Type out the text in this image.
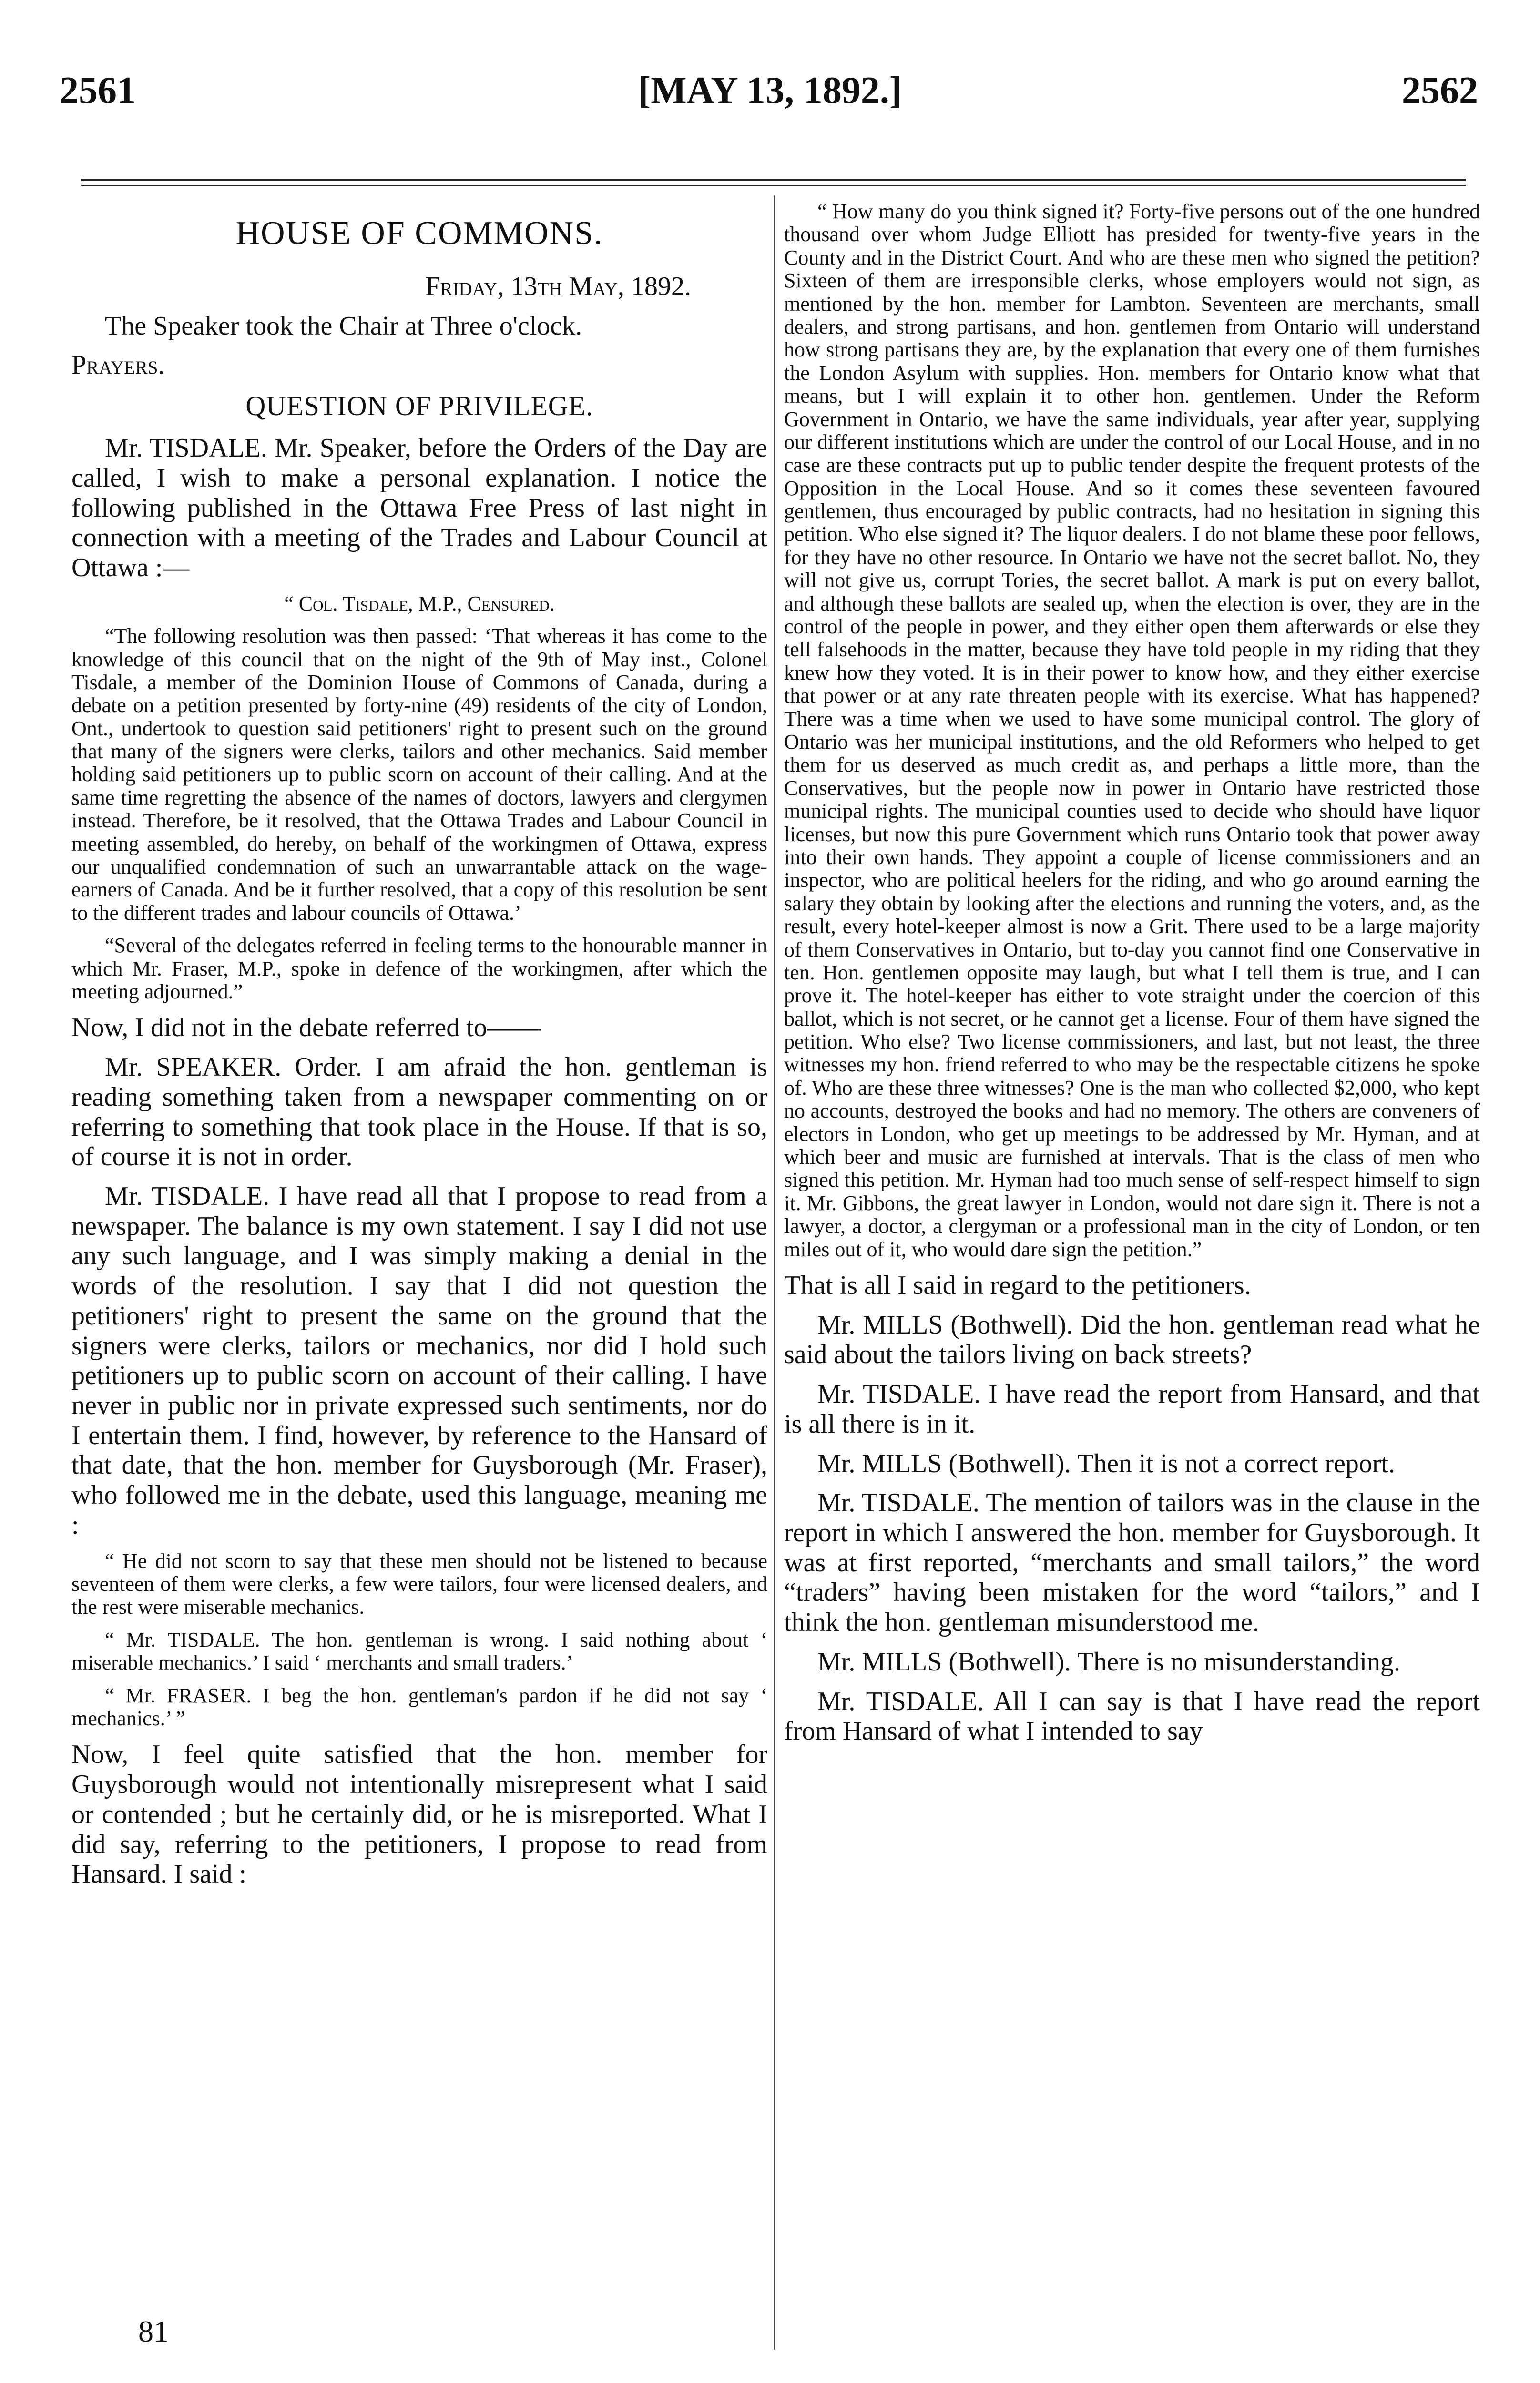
2561	[MAY 13, 1892.]	2562
HOUSE OF COMMONS.

Friday, 13th May, 1892.

The Speaker took the Chair at Three o'clock.

Prayers.

QUESTION OF PRIVILEGE.

Mr. TISDALE. Mr. Speaker, before the Orders of the Day are called, I wish to make a personal explanation. I notice the following published in the Ottawa Free Press of last night in connection with a meeting of the Trades and Labour Council at Ottawa :—

“ Col. Tisdale, M.P., Censured.

“The following resolution was then passed: ‘That whereas it has come to the knowledge of this council that on the night of the 9th of May inst., Colonel Tisdale, a member of the Dominion House of Commons of Canada, during a debate on a petition presented by forty-nine (49) residents of the city of London, Ont., undertook to question said petitioners' right to present such on the ground that many of the signers were clerks, tailors and other mechanics. Said member holding said petitioners up to public scorn on account of their calling. And at the same time regretting the absence of the names of doctors, lawyers and clergymen instead. Therefore, be it resolved, that the Ottawa Trades and Labour Council in meeting assembled, do hereby, on behalf of the workingmen of Ottawa, express our unqualified condemnation of such an unwarrantable attack on the wage-earners of Canada. And be it further resolved, that a copy of this resolution be sent to the different trades and labour councils of Ottawa.’

“Several of the delegates referred in feeling terms to the honourable manner in which Mr. Fraser, M.P., spoke in defence of the workingmen, after which the meeting adjourned.”

Now, I did not in the debate referred to——

Mr. SPEAKER. Order. I am afraid the hon. gentleman is reading something taken from a newspaper commenting on or referring to something that took place in the House. If that is so, of course it is not in order.

Mr. TISDALE. I have read all that I propose to read from a newspaper. The balance is my own statement. I say I did not use any such language, and I was simply making a denial in the words of the resolution. I say that I did not question the petitioners' right to present the same on the ground that the signers were clerks, tailors or mechanics, nor did I hold such petitioners up to public scorn on account of their calling. I have never in public nor in private expressed such sentiments, nor do I entertain them. I find, however, by reference to the Hansard of that date, that the hon. member for Guysborough (Mr. Fraser), who followed me in the debate, used this language, meaning me :

“ He did not scorn to say that these men should not be listened to because seventeen of them were clerks, a few were tailors, four were licensed dealers, and the rest were miserable mechanics.

“ Mr. TISDALE. The hon. gentleman is wrong. I said nothing about ‘ miserable mechanics.’ I said ‘ merchants and small traders.’

“ Mr. FRASER. I beg the hon. gentleman's pardon if he did not say ‘ mechanics.’ ”

Now, I feel quite satisfied that the hon. member for Guysborough would not intentionally misrepresent what I said or contended ; but he certainly did, or he is misreported. What I did say, referring to the petitioners, I propose to read from Hansard. I said :

“ How many do you think signed it? Forty-five persons out of the one hundred thousand over whom Judge Elliott has presided for twenty-five years in the County and in the District Court. And who are these men who signed the petition? Sixteen of them are irresponsible clerks, whose employers would not sign, as mentioned by the hon. member for Lambton. Seventeen are merchants, small dealers, and strong partisans, and hon. gentlemen from Ontario will understand how strong partisans they are, by the explanation that every one of them furnishes the London Asylum with supplies. Hon. members for Ontario know what that means, but I will explain it to other hon. gentlemen. Under the Reform Government in Ontario, we have the same individuals, year after year, supplying our different institutions which are under the control of our Local House, and in no case are these contracts put up to public tender despite the frequent protests of the Opposition in the Local House. And so it comes these seventeen favoured gentlemen, thus encouraged by public contracts, had no hesitation in signing this petition. Who else signed it? The liquor dealers. I do not blame these poor fellows, for they have no other resource. In Ontario we have not the secret ballot. No, they will not give us, corrupt Tories, the secret ballot. A mark is put on every ballot, and although these ballots are sealed up, when the election is over, they are in the control of the people in power, and they either open them afterwards or else they tell falsehoods in the matter, because they have told people in my riding that they knew how they voted. It is in their power to know how, and they either exercise that power or at any rate threaten people with its exercise. What has happened? There was a time when we used to have some municipal control. The glory of Ontario was her municipal institutions, and the old Reformers who helped to get them for us deserved as much credit as, and perhaps a little more, than the Conservatives, but the people now in power in Ontario have restricted those municipal rights. The municipal counties used to decide who should have liquor licenses, but now this pure Government which runs Ontario took that power away into their own hands. They appoint a couple of license commissioners and an inspector, who are political heelers for the riding, and who go around earning the salary they obtain by looking after the elections and running the voters, and, as the result, every hotel-keeper almost is now a Grit. There used to be a large majority of them Conservatives in Ontario, but to-day you cannot find one Conservative in ten. Hon. gentlemen opposite may laugh, but what I tell them is true, and I can prove it. The hotel-keeper has either to vote straight under the coercion of this ballot, which is not secret, or he cannot get a license. Four of them have signed the petition. Who else? Two license commissioners, and last, but not least, the three witnesses my hon. friend referred to who may be the respectable citizens he spoke of. Who are these three witnesses? One is the man who collected $2,000, who kept no accounts, destroyed the books and had no memory. The others are conveners of electors in London, who get up meetings to be addressed by Mr. Hyman, and at which beer and music are furnished at intervals. That is the class of men who signed this petition. Mr. Hyman had too much sense of self-respect himself to sign it. Mr. Gibbons, the great lawyer in London, would not dare sign it. There is not a lawyer, a doctor, a clergyman or a professional man in the city of London, or ten miles out of it, who would dare sign the petition.”

That is all I said in regard to the petitioners.

Mr. MILLS (Bothwell). Did the hon. gentleman read what he said about the tailors living on back streets?

Mr. TISDALE. I have read the report from Hansard, and that is all there is in it.

Mr. MILLS (Bothwell). Then it is not a correct report.

Mr. TISDALE. The mention of tailors was in the clause in the report in which I answered the hon. member for Guysborough. It was at first reported, “merchants and small tailors,” the word “traders” having been mistaken for the word “tailors,” and I think the hon. gentleman misunderstood me.

Mr. MILLS (Bothwell). There is no misunderstanding.

Mr. TISDALE. All I can say is that I have read the report from Hansard of what I intended to say

81
